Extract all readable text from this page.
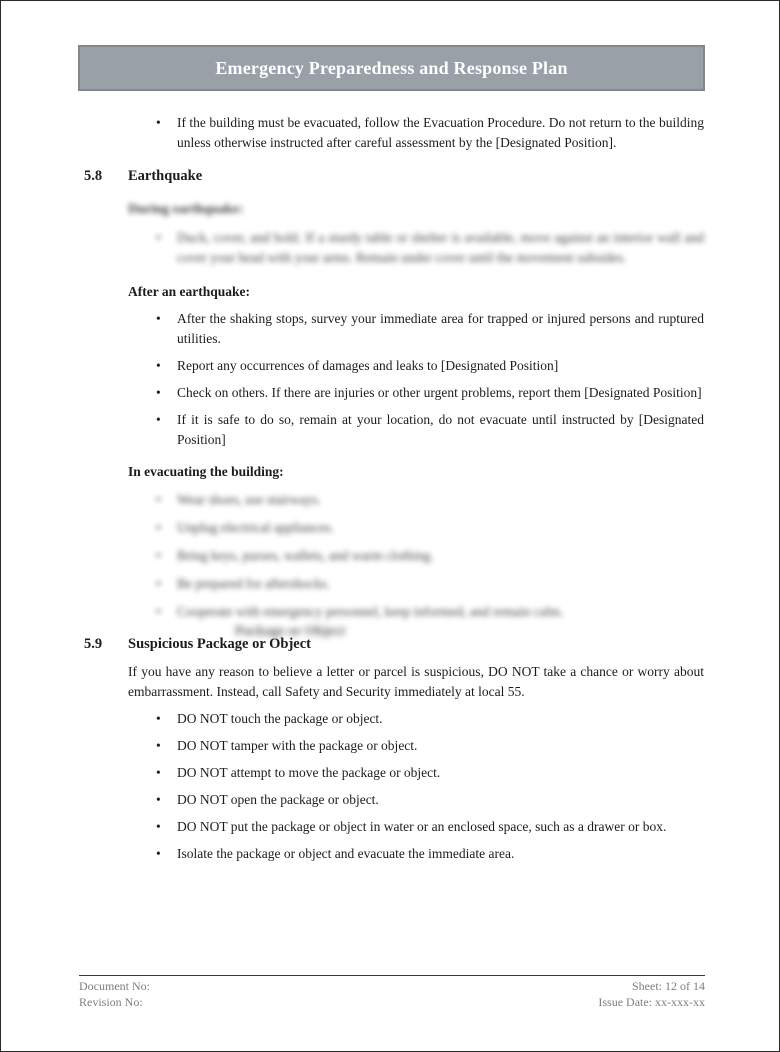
Emergency Preparedness and Response Plan
•	If the building must be evacuated, follow the Evacuation Procedure. Do not return to the building unless otherwise instructed after careful assessment by the [Designated Position].
5.8	Earthquake
During earthquake:
•	Duck, cover, and hold. If a sturdy table or shelter is available, move against an interior wall and cover your head with your arms. Remain under cover until the movement subsides.
After an earthquake:
•	After the shaking stops, survey your immediate area for trapped or injured persons and ruptured utilities.
•	Report any occurrences of damages and leaks to [Designated Position]
•	Check on others. If there are injuries or other urgent problems, report them [Designated Position]
•	If it is safe to do so, remain at your location, do not evacuate until instructed by [Designated Position]
In evacuating the building:
•	Wear shoes, use stairways.
•	Unplug electrical appliances.
•	Bring keys, purses, wallets, and warm clothing.
•	Be prepared for aftershocks.
•	Cooperate with emergency personnel, keep informed, and remain calm.
Package or Object
5.9	Suspicious Package or Object
If you have any reason to believe a letter or parcel is suspicious, DO NOT take a chance or worry about embarrassment. Instead, call Safety and Security immediately at local 55.
•	DO NOT touch the package or object.
•	DO NOT tamper with the package or object.
•	DO NOT attempt to move the package or object.
•	DO NOT open the package or object.
•	DO NOT put the package or object in water or an enclosed space, such as a drawer or box.
•	Isolate the package or object and evacuate the immediate area.
Document No:
Revision No:
Sheet: 12 of 14
Issue Date: xx-xxx-xx
